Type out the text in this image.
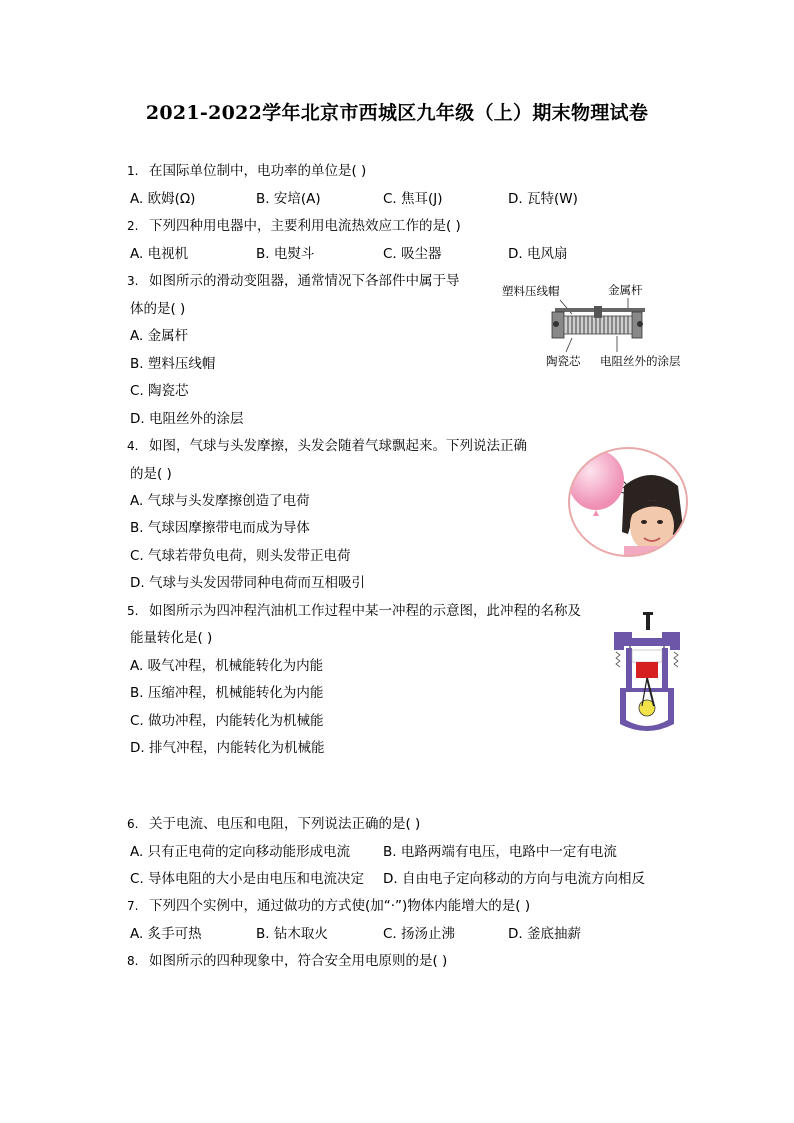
2021-2022学年北京市西城区九年级（上）期末物理试卷
1. 在国际单位制中，电功率的单位是( )
A. 欧姆(Ω)	B. 安培(A)	C. 焦耳(J)	D. 瓦特(W)
2. 下列四种用电器中，主要利用电流热效应工作的是( )
A. 电视机	B. 电熨斗	C. 吸尘器	D. 电风扇
3. 如图所示的滑动变阻器，通常情况下各部件中属于导
体的是( )
A. 金属杆
B. 塑料压线帽
C. 陶瓷芯
D. 电阻丝外的涂层
塑料压线帽	金属杆
陶瓷芯 电阻丝外的涂层
4. 如图，气球与头发摩擦，头发会随着气球飘起来。下列说法正确
的是( )
A. 气球与头发摩擦创造了电荷
B. 气球因摩擦带电而成为导体
C. 气球若带负电荷，则头发带正电荷
D. 气球与头发因带同种电荷而互相吸引
5. 如图所示为四冲程汽油机工作过程中某一冲程的示意图，此冲程的名称及
能量转化是( )
A. 吸气冲程，机械能转化为内能
B. 压缩冲程，机械能转化为内能
C. 做功冲程，内能转化为机械能
D. 排气冲程，内能转化为机械能
6. 关于电流、电压和电阻，下列说法正确的是( )
A. 只有正电荷的定向移动能形成电流 B. 电路两端有电压，电路中一定有电流
C. 导体电阻的大小是由电压和电流决定 D. 自由电子定向移动的方向与电流方向相反
7. 下列四个实例中，通过做功的方式使(加“·”)物体内能增大的是( )
A. 炙手可热	B. 钻木取火	C. 扬汤止沸	D. 釜底抽薪
8. 如图所示的四种现象中，符合安全用电原则的是( )
